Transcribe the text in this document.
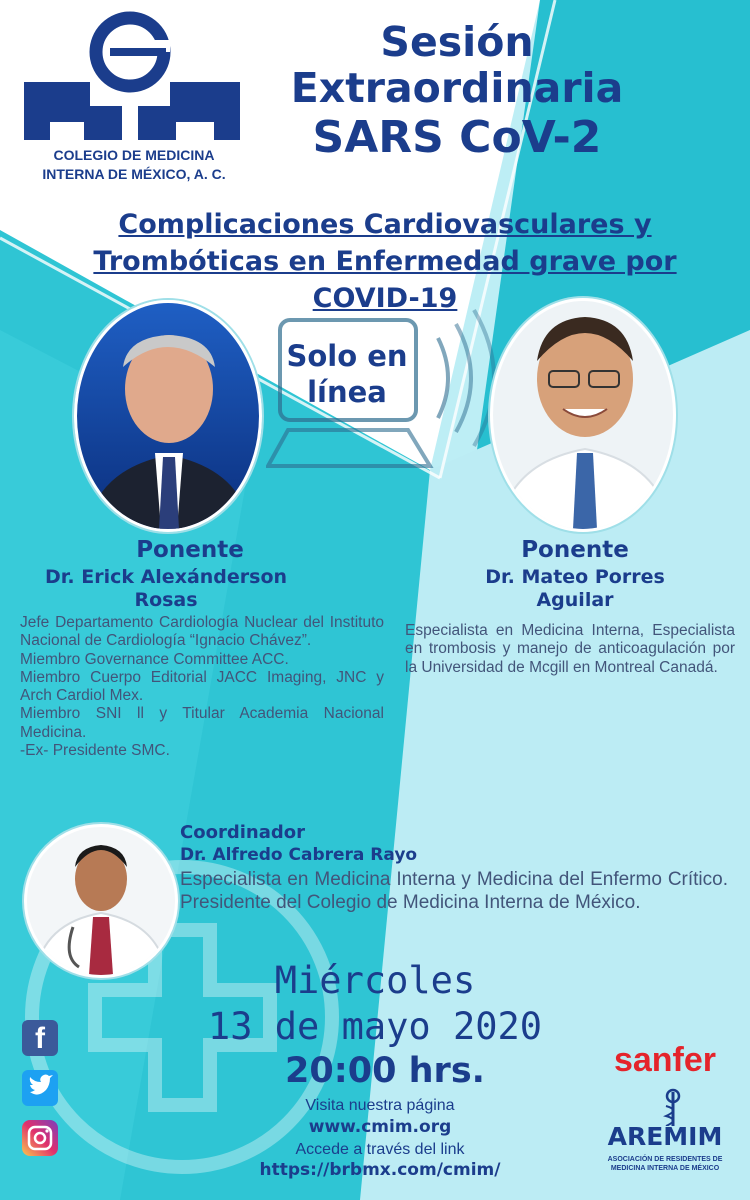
COLEGIO DE MEDICINA
INTERNA DE MÉXICO, A. C.
Sesión
Extraordinaria
SARS CoV-2
Complicaciones Cardiovasculares y
Trombóticas en Enfermedad grave por
COVID-19
Solo en
línea
Ponente
Dr. Erick Alexánderson
Rosas
Jefe Departamento Cardiología Nuclear del Instituto Nacional de Cardiología “Ignacio Chávez”.
Miembro Governance Committee ACC.
Miembro Cuerpo Editorial JACC Imaging, JNC y Arch Cardiol Mex.
Miembro SNI ll y Titular Academia Nacional Medicina.
-Ex- Presidente SMC.
Ponente
Dr. Mateo Porres
Aguilar
Especialista en Medicina Interna, Especialista en trombosis y manejo de anticoagulación por la Universidad de Mcgill en Montreal Canadá.
Coordinador
Dr. Alfredo Cabrera Rayo
Especialista en Medicina Interna y Medicina del Enfermo Crítico. Presidente del Colegio de Medicina Interna de México.
Miércoles
13 de mayo 2020
20:00 hrs.
Visita nuestra página
www.cmim.org
Accede a través del link
https://brbmx.com/cmim/
f
sanfer
AREMIM
ASOCIACIÓN DE RESIDENTES DE
MEDICINA INTERNA DE MÉXICO
